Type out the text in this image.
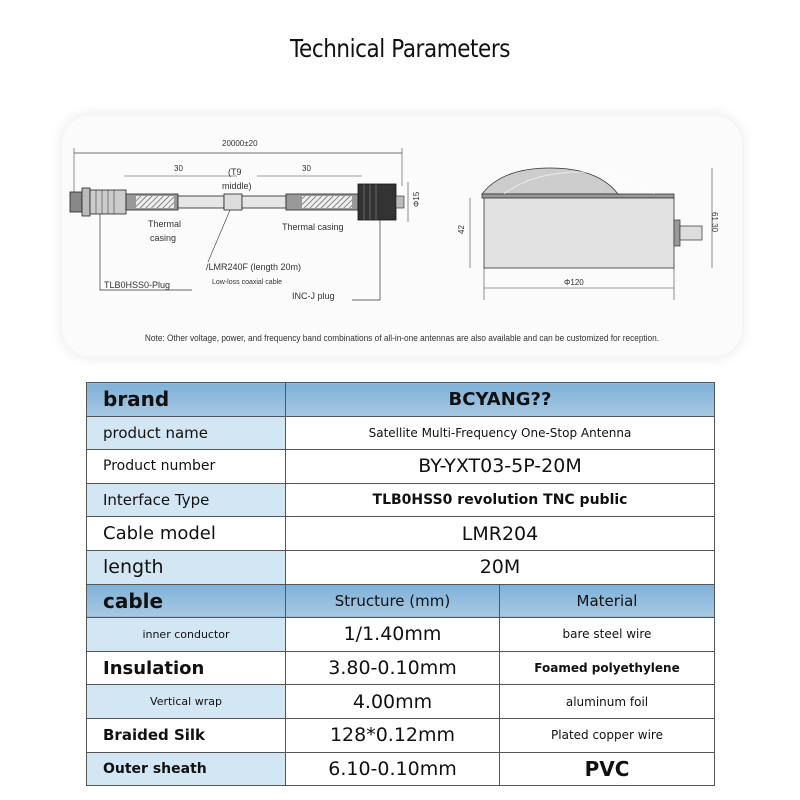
Technical Parameters
20000±20
30	30
(T9
middle)
Φ15
Thermal
casing
Thermal casing
TLB0HSS0-Plug
/LMR240F (length 20m)
Low-loss coaxial cable
INC-J plug
42	61.30
Φ120
Note: Other voltage, power, and frequency band combinations of all-in-one antennas are also available and can be customized for reception.
brand	BCYANG??	
product name	Satellite Multi-Frequency One-Stop Antenna	
Product number	BY-YXT03-5P-20M	
Interface Type	TLB0HSS0 revolution TNC public	
Cable model	LMR204	
length	20M	
cable	Structure (mm)	Material
inner conductor	1/1.40mm	bare steel wire
Insulation	3.80-0.10mm	Foamed polyethylene
Vertical wrap	4.00mm	aluminum foil
Braided Silk	128*0.12mm	Plated copper wire
Outer sheath	6.10-0.10mm	PVC
